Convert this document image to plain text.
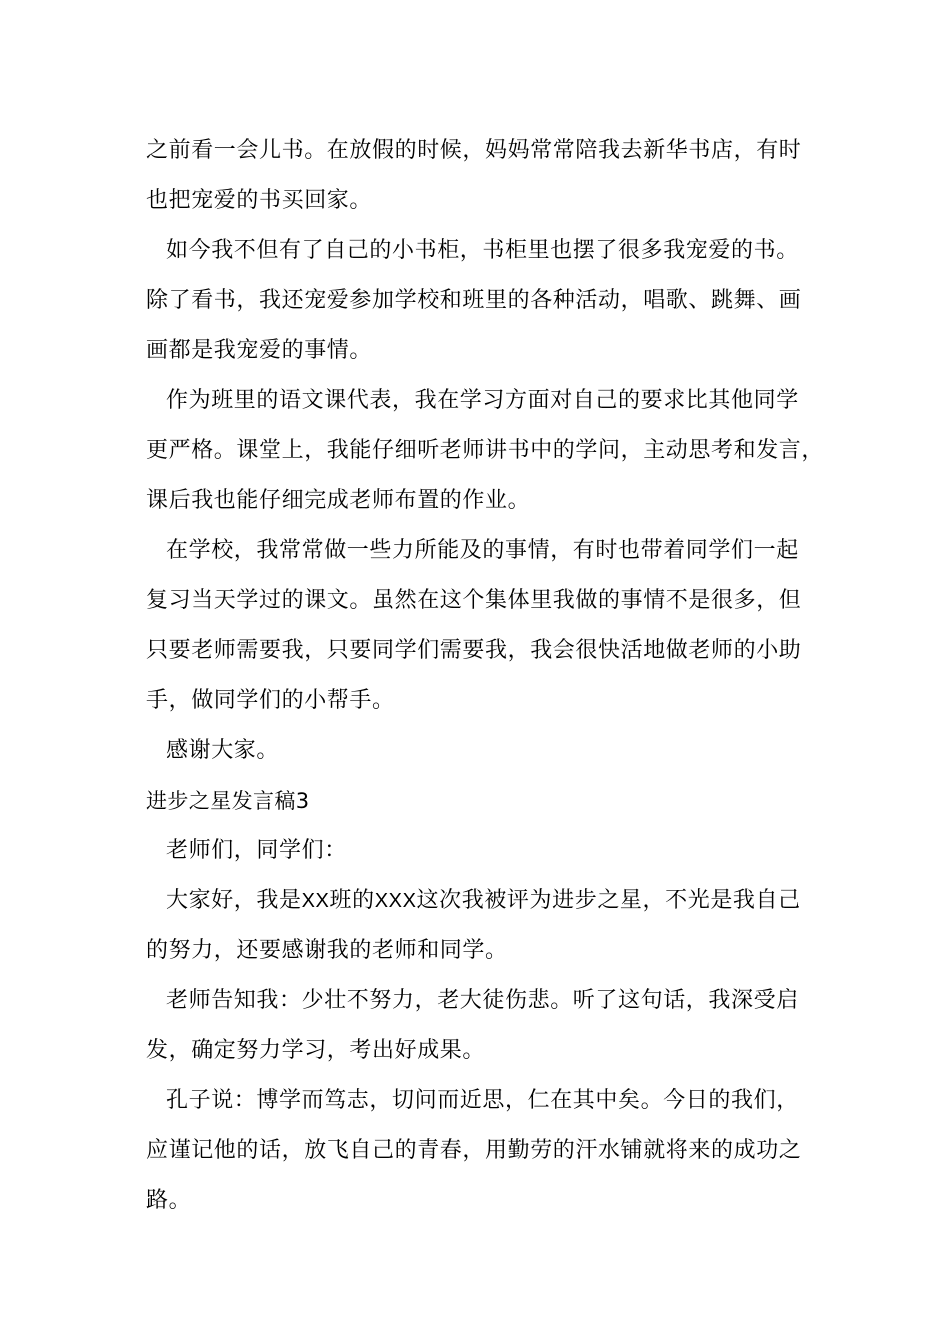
之前看一会儿书。在放假的时候，妈妈常常陪我去新华书店，有时
也把宠爱的书买回家。
如今我不但有了自己的小书柜，书柜里也摆了很多我宠爱的书。
除了看书，我还宠爱参加学校和班里的各种活动，唱歌、跳舞、画
画都是我宠爱的事情。
作为班里的语文课代表，我在学习方面对自己的要求比其他同学
更严格。课堂上，我能仔细听老师讲书中的学问，主动思考和发言，
课后我也能仔细完成老师布置的作业。
在学校，我常常做一些力所能及的事情，有时也带着同学们一起
复习当天学过的课文。虽然在这个集体里我做的事情不是很多，但
只要老师需要我，只要同学们需要我，我会很快活地做老师的小助
手，做同学们的小帮手。
感谢大家。
进步之星发言稿3
老师们，同学们：
大家好，我是XX班的XXX这次我被评为进步之星，不光是我自己
的努力，还要感谢我的老师和同学。
老师告知我：少壮不努力，老大徒伤悲。听了这句话，我深受启
发，确定努力学习，考出好成果。
孔子说：博学而笃志，切问而近思，仁在其中矣。今日的我们，
应谨记他的话，放飞自己的青春，用勤劳的汗水铺就将来的成功之
路。
